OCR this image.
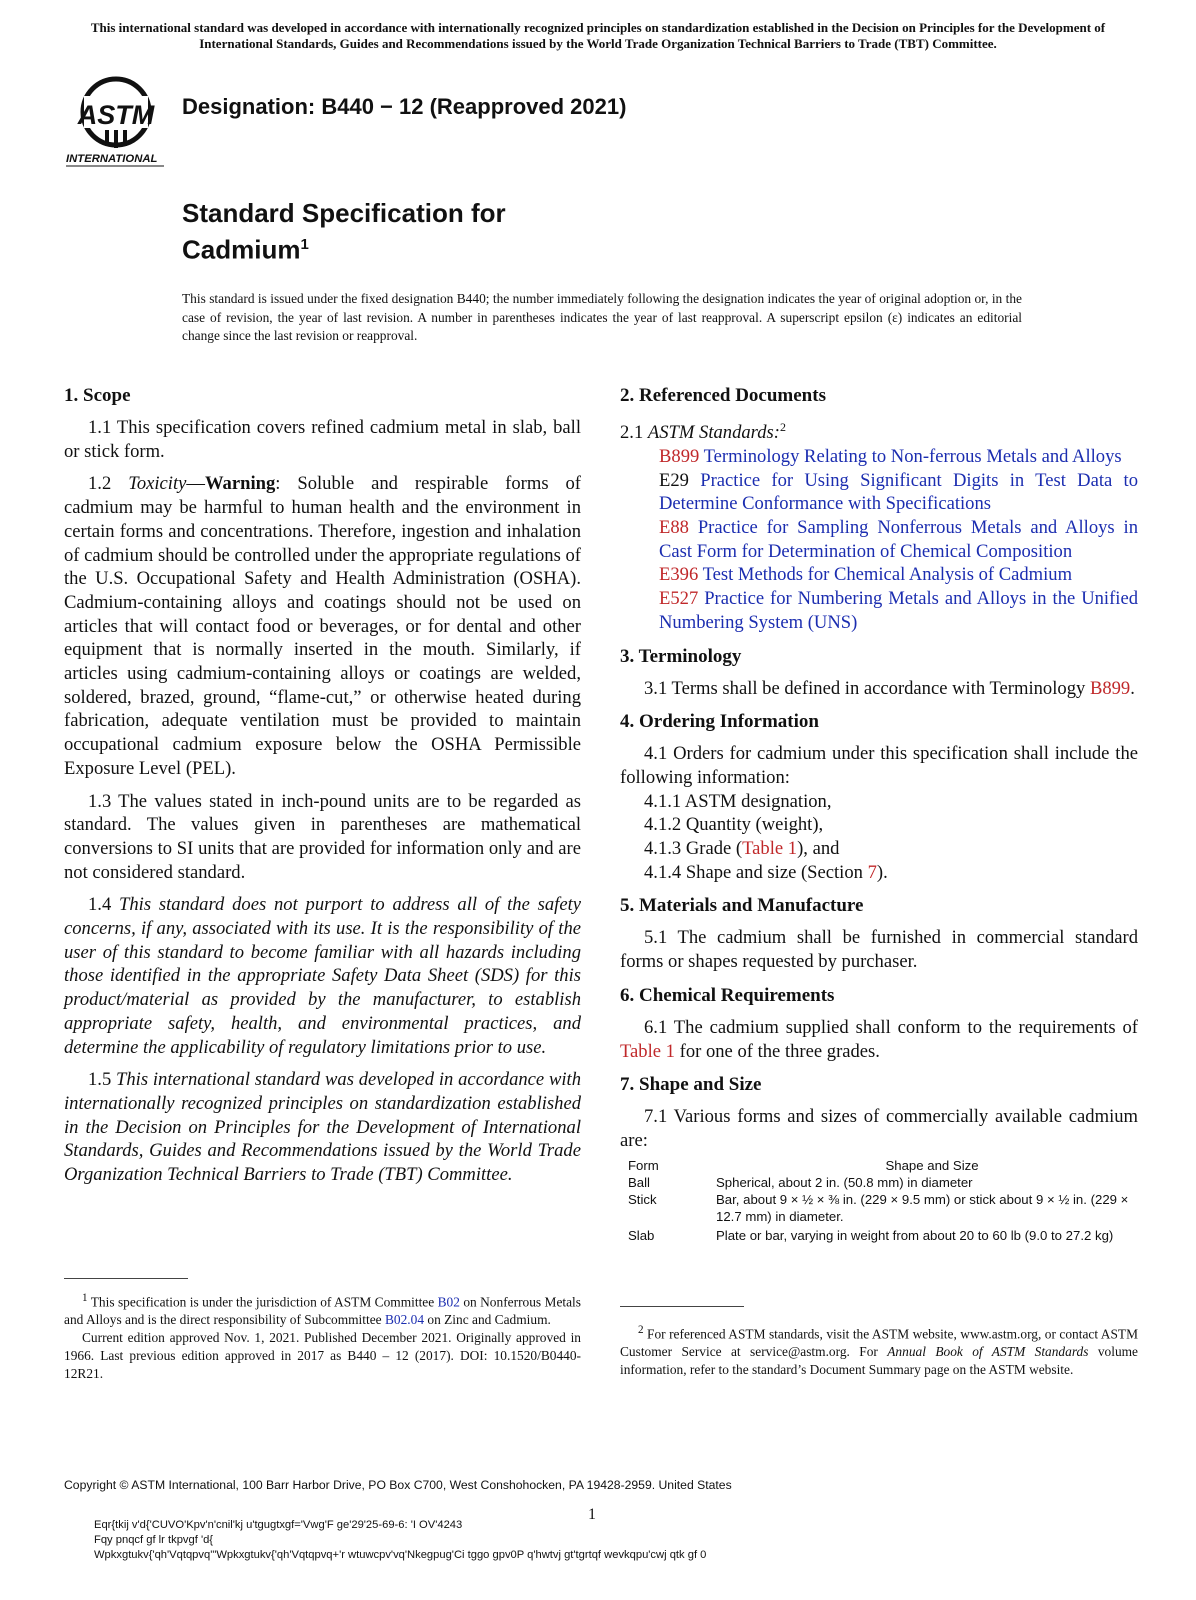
This international standard was developed in accordance with internationally recognized principles on standardization established in the Decision on Principles for the Development of International Standards, Guides and Recommendations issued by the World Trade Organization Technical Barriers to Trade (TBT) Committee.
ASTM
INTERNATIONAL
Designation: B440 − 12 (Reapproved 2021)
Standard Specification for
Cadmium$^1$
This standard is issued under the fixed designation B440; the number immediately following the designation indicates the year of original adoption or, in the case of revision, the year of last revision. A number in parentheses indicates the year of last reapproval. A superscript epsilon (ε) indicates an editorial change since the last revision or reapproval.
1. Scope

1.1 This specification covers refined cadmium metal in slab, ball or stick form.

1.2 Toxicity—Warning: Soluble and respirable forms of cadmium may be harmful to human health and the environment in certain forms and concentrations. Therefore, ingestion and inhalation of cadmium should be controlled under the appropriate regulations of the U.S. Occupational Safety and Health Administration (OSHA). Cadmium-containing alloys and coatings should not be used on articles that will contact food or beverages, or for dental and other equipment that is normally inserted in the mouth. Similarly, if articles using cadmium-containing alloys or coatings are welded, soldered, brazed, ground, “flame-cut,” or otherwise heated during fabrication, adequate ventilation must be provided to maintain occupational cadmium exposure below the OSHA Permissible Exposure Level (PEL).

1.3 The values stated in inch-pound units are to be regarded as standard. The values given in parentheses are mathematical conversions to SI units that are provided for information only and are not considered standard.

1.4 This standard does not purport to address all of the safety concerns, if any, associated with its use. It is the responsibility of the user of this standard to become familiar with all hazards including those identified in the appropriate Safety Data Sheet (SDS) for this product/material as provided by the manufacturer, to establish appropriate safety, health, and environmental practices, and determine the applicability of regulatory limitations prior to use.

1.5 This international standard was developed in accordance with internationally recognized principles on standardization established in the Decision on Principles for the Development of International Standards, Guides and Recommendations issued by the World Trade Organization Technical Barriers to Trade (TBT) Committee.

$^1$ This specification is under the jurisdiction of ASTM Committee B02 on Nonferrous Metals and Alloys and is the direct responsibility of Subcommittee B02.04 on Zinc and Cadmium.

Current edition approved Nov. 1, 2021. Published December 2021. Originally approved in 1966. Last previous edition approved in 2017 as B440 – 12 (2017). DOI: 10.1520/B0440-12R21.

2. Referenced Documents
2.1 ASTM Standards:$^2$

B899 Terminology Relating to Non-ferrous Metals and Alloys

E29 Practice for Using Significant Digits in Test Data to Determine Conformance with Specifications

E88 Practice for Sampling Nonferrous Metals and Alloys in Cast Form for Determination of Chemical Composition

E396 Test Methods for Chemical Analysis of Cadmium

E527 Practice for Numbering Metals and Alloys in the Unified Numbering System (UNS)

3. Terminology

3.1 Terms shall be defined in accordance with Terminology B899.

4. Ordering Information

4.1 Orders for cadmium under this specification shall include the following information:

4.1.1 ASTM designation,
4.1.2 Quantity (weight),
4.1.3 Grade (Table 1), and
4.1.4 Shape and size (Section 7).
5. Materials and Manufacture

5.1 The cadmium shall be furnished in commercial standard forms or shapes requested by purchaser.

6. Chemical Requirements

6.1 The cadmium supplied shall conform to the requirements of Table 1 for one of the three grades.

7. Shape and Size

7.1 Various forms and sizes of commercially available cadmium are:

Form	Shape and Size
Ball	Spherical, about 2 in. (50.8 mm) in diameter
Stick	Bar, about 9 × ½ × ⅜ in. (229 × 9.5 mm) or stick about 9 × ½ in. (229 × 12.7 mm) in diameter.
Slab	Plate or bar, varying in weight from about 20 to 60 lb (9.0 to 27.2 kg)

$^2$ For referenced ASTM standards, visit the ASTM website, www.astm.org, or contact ASTM Customer Service at service@astm.org. For Annual Book of ASTM Standards volume information, refer to the standard’s Document Summary page on the ASTM website.

Copyright © ASTM International, 100 Barr Harbor Drive, PO Box C700, West Conshohocken, PA 19428-2959. United States
1
Eqr{tkij v'd{'CUVO'Kpv'n'cnil'kj u'tgugtxgf='Vwg'F ge'29'25-69-6: 'I OV'4243
Fqy pnqcf gf lr tkpvgf 'd{
Wpkxgtukv{'qh'Vqtqpvq'"Wpkxgtukv{'qh'Vqtqpvq+'r wtuwcpv'vq'Nkegpug'Ci tggo gpv0P q'hwtvj gt'tgrtqf wevkqpu'cwj qtk gf 0
